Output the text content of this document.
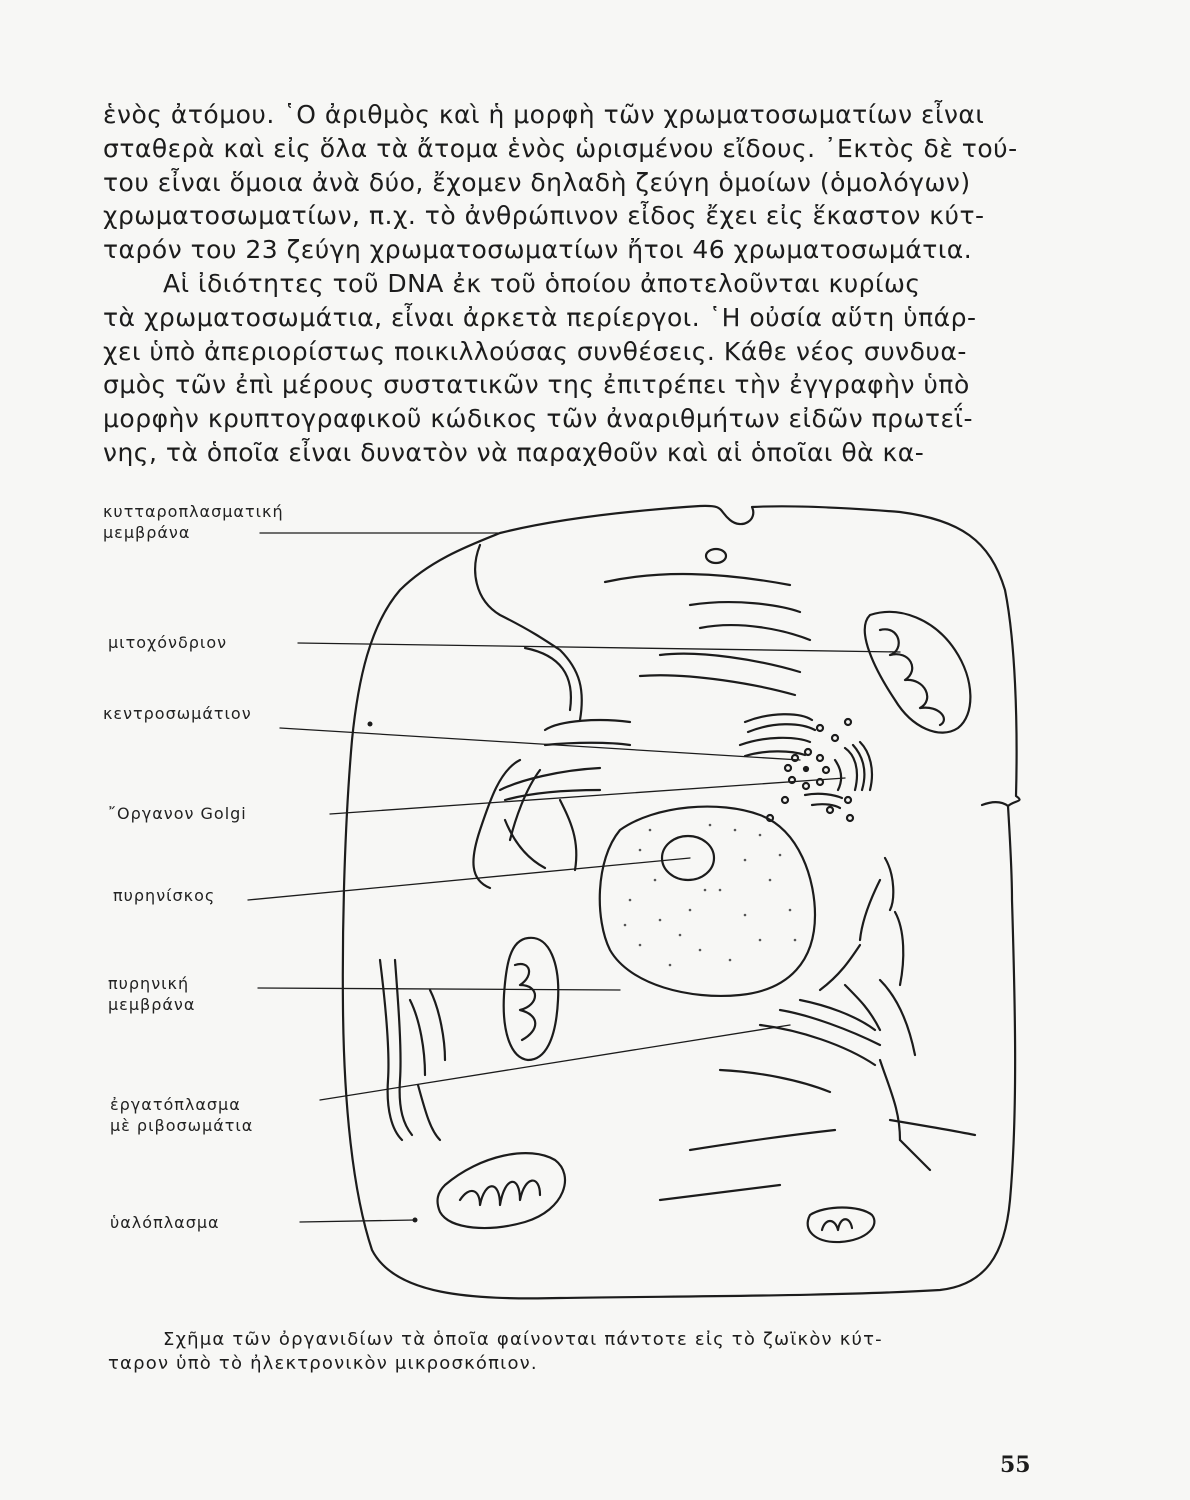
ἑνὸς ἀτόμου. ῾Ο ἀριθμὸς καὶ ἡ μορφὴ τῶν χρωματοσωματίων εἶναι
σταθερὰ καὶ εἰς ὅλα τὰ ἄτομα ἑνὸς ὡρισμένου εἴδους. ᾽Εκτὸς δὲ τού-
του εἶναι ὅμοια ἀνὰ δύο, ἔχομεν δηλαδὴ ζεύγη ὁμοίων (ὁμολόγων)
χρωματοσωματίων, π.χ. τὸ ἀνθρώπινον εἶδος ἔχει εἰς ἕκαστον κύτ-
ταρόν του 23 ζεύγη χρωματοσωματίων ἤτοι 46 χρωματοσωμάτια.

Αἱ ἰδιότητες τοῦ DNA ἐκ τοῦ ὁποίου ἀποτελοῦνται κυρίως
τὰ χρωματοσωμάτια, εἶναι ἀρκετὰ περίεργοι. ῾Η οὐσία αὕτη ὑπάρ-
χει ὑπὸ ἀπεριορίστως ποικιλλούσας συνθέσεις. Κάθε νέος συνδυα-
σμὸς τῶν ἐπὶ μέρους συστατικῶν της ἐπιτρέπει τὴν ἐγγραφὴν ὑπὸ
μορφὴν κρυπτογραφικοῦ κώδικος τῶν ἀναριθμήτων εἰδῶν πρωτεΐ-
νης, τὰ ὁποῖα εἶναι δυνατὸν νὰ παραχθοῦν καὶ αἱ ὁποῖαι θὰ κα-

κυτταροπλασματική
μεμβράνα
μιτοχόνδριον
κεντροσωμάτιον
῎Οργανον Golgi
πυρηνίσκος
πυρηνική
μεμβράνα
ἐργατόπλασμα
μὲ ριβοσωμάτια
ὑαλόπλασμα
Σχῆμα τῶν ὀργανιδίων τὰ ὁποῖα φαίνονται πάντοτε εἰς τὸ ζωϊκὸν κύτ-
ταρον ὑπὸ τὸ ἠλεκτρονικὸν μικροσκόπιον.
55
